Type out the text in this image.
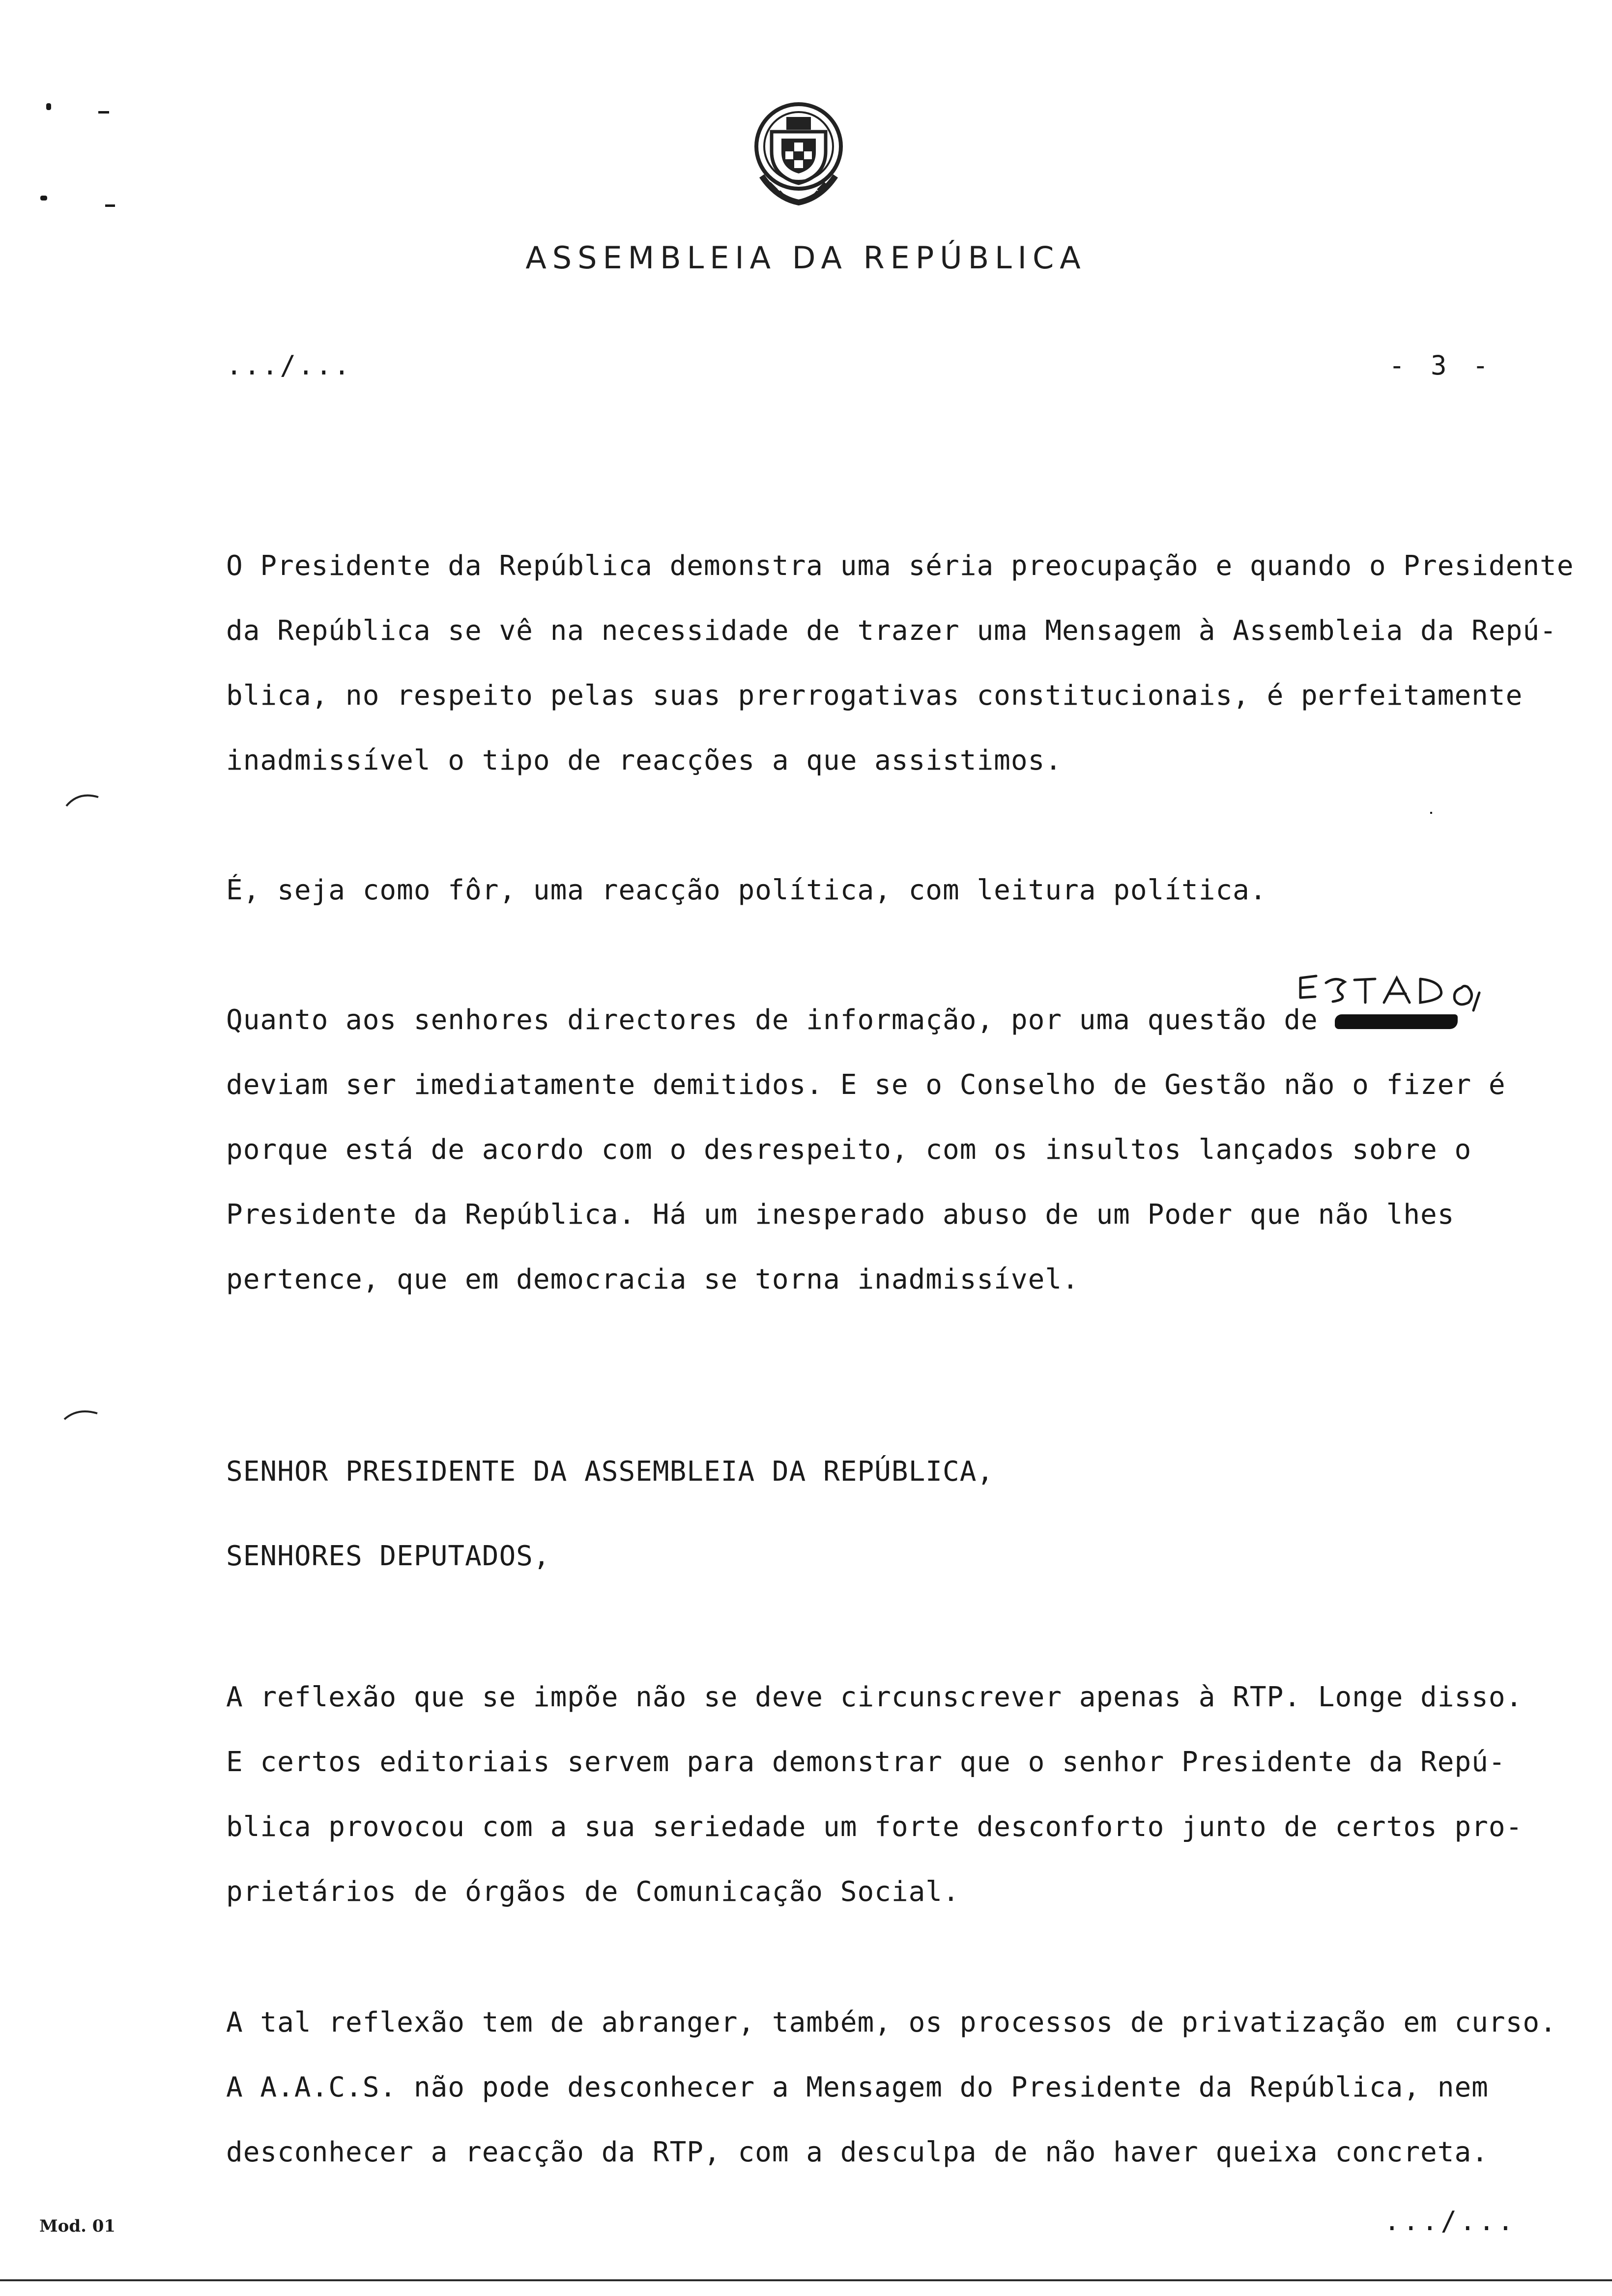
ASSEMBLEIA DA REPÚBLICA
.../...	- 3 -
O Presidente da República demonstra uma séria preocupação e quando o Presidente
da República se vê na necessidade de trazer uma Mensagem à Assembleia da Repú-
blica, no respeito pelas suas prerrogativas constitucionais, é perfeitamente
inadmissível o tipo de reacções a que assistimos.
É, seja como fôr, uma reacção política, com leitura política.
Quanto aos senhores directores de informação, por uma questão de
deviam ser imediatamente demitidos. E se o Conselho de Gestão não o fizer é
porque está de acordo com o desrespeito, com os insultos lançados sobre o
Presidente da República. Há um inesperado abuso de um Poder que não lhes
pertence, que em democracia se torna inadmissível.
SENHOR PRESIDENTE DA ASSEMBLEIA DA REPÚBLICA,
SENHORES DEPUTADOS,
A reflexão que se impõe não se deve circunscrever apenas à RTP. Longe disso.
E certos editoriais servem para demonstrar que o senhor Presidente da Repú-
blica provocou com a sua seriedade um forte desconforto junto de certos pro-
prietários de órgãos de Comunicação Social.
A tal reflexão tem de abranger, também, os processos de privatização em curso.
A A.A.C.S. não pode desconhecer a Mensagem do Presidente da República, nem
desconhecer a reacção da RTP, com a desculpa de não haver queixa concreta.
Mod. 01	.../...
